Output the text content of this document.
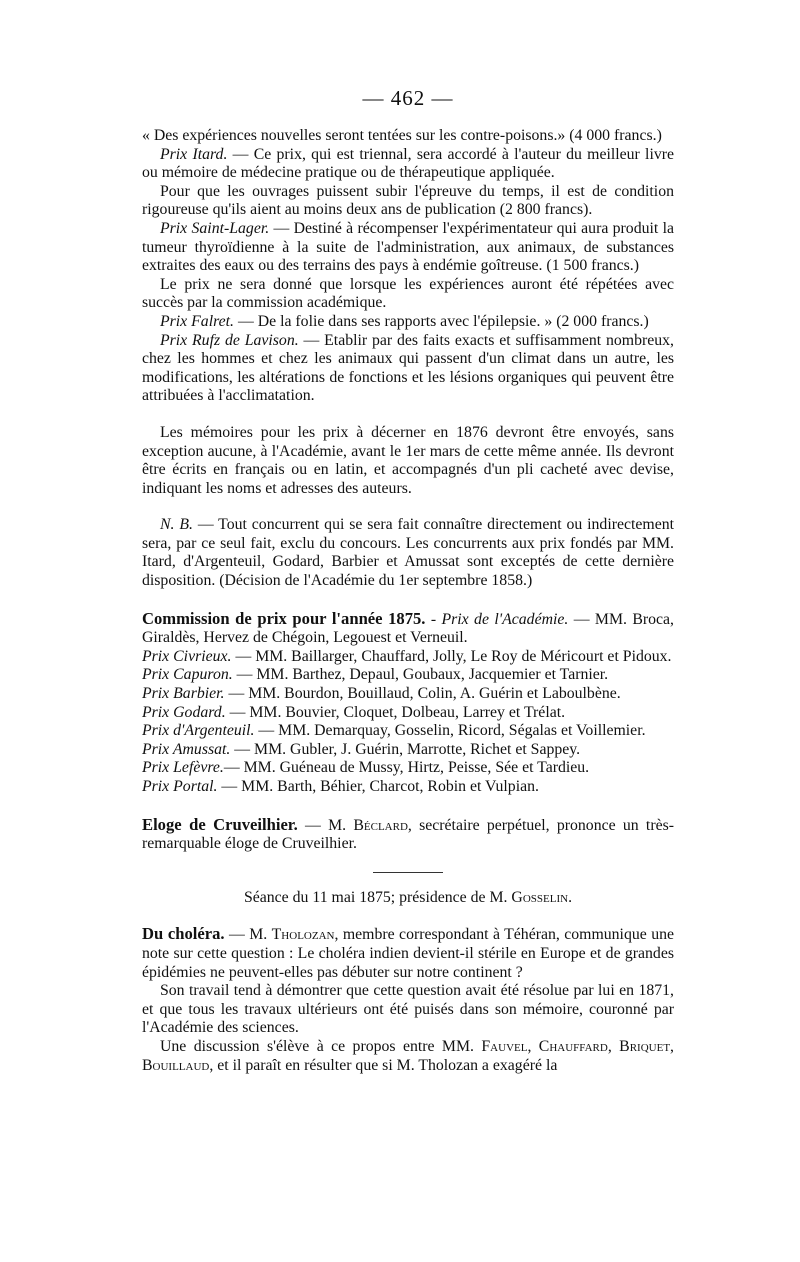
— 462 —

« Des expériences nouvelles seront tentées sur les contre-poisons.» (4 000 francs.)

Prix Itard. — Ce prix, qui est triennal, sera accordé à l'auteur du meilleur livre ou mémoire de médecine pratique ou de thérapeutique appliquée.

Pour que les ouvrages puissent subir l'épreuve du temps, il est de condition rigoureuse qu'ils aient au moins deux ans de publication (2 800 francs).

Prix Saint-Lager. — Destiné à récompenser l'expérimentateur qui aura produit la tumeur thyroïdienne à la suite de l'administration, aux animaux, de substances extraites des eaux ou des terrains des pays à endémie goîtreuse. (1 500 francs.)

Le prix ne sera donné que lorsque les expériences auront été répétées avec succès par la commission académique.

Prix Falret. — De la folie dans ses rapports avec l'épilepsie. » (2 000 francs.)

Prix Rufz de Lavison. — Etablir par des faits exacts et suffisamment nombreux, chez les hommes et chez les animaux qui passent d'un climat dans un autre, les modifications, les altérations de fonctions et les lésions organiques qui peuvent être attribuées à l'acclimatation.

Les mémoires pour les prix à décerner en 1876 devront être envoyés, sans exception aucune, à l'Académie, avant le 1er mars de cette même année. Ils devront être écrits en français ou en latin, et accompagnés d'un pli cacheté avec devise, indiquant les noms et adresses des auteurs.

N. B. — Tout concurrent qui se sera fait connaître directement ou indirectement sera, par ce seul fait, exclu du concours. Les concurrents aux prix fondés par MM. Itard, d'Argenteuil, Godard, Barbier et Amussat sont exceptés de cette dernière disposition. (Décision de l'Académie du 1er septembre 1858.)

Commission de prix pour l'année 1875. - Prix de l'Académie. — MM. Broca, Giraldès, Hervez de Chégoin, Legouest et Verneuil.

Prix Civrieux. — MM. Baillarger, Chauffard, Jolly, Le Roy de Méricourt et Pidoux.

Prix Capuron. — MM. Barthez, Depaul, Goubaux, Jacquemier et Tarnier.

Prix Barbier. — MM. Bourdon, Bouillaud, Colin, A. Guérin et Laboulbène.

Prix Godard. — MM. Bouvier, Cloquet, Dolbeau, Larrey et Trélat.

Prix d'Argenteuil. — MM. Demarquay, Gosselin, Ricord, Ségalas et Voillemier.

Prix Amussat. — MM. Gubler, J. Guérin, Marrotte, Richet et Sappey.

Prix Lefèvre.— MM. Guéneau de Mussy, Hirtz, Peisse, Sée et Tardieu.

Prix Portal. — MM. Barth, Béhier, Charcot, Robin et Vulpian.

Eloge de Cruveilhier. — M. Béclard, secrétaire perpétuel, prononce un très-remarquable éloge de Cruveilhier.

Séance du 11 mai 1875; présidence de M. Gosselin.

Du choléra. — M. Tholozan, membre correspondant à Téhéran, communique une note sur cette question : Le choléra indien devient-il stérile en Europe et de grandes épidémies ne peuvent-elles pas débuter sur notre continent ?

Son travail tend à démontrer que cette question avait été résolue par lui en 1871, et que tous les travaux ultérieurs ont été puisés dans son mémoire, couronné par l'Académie des sciences.

Une discussion s'élève à ce propos entre MM. Fauvel, Chauffard, Briquet, Bouillaud, et il paraît en résulter que si M. Tholozan a exagéré la
